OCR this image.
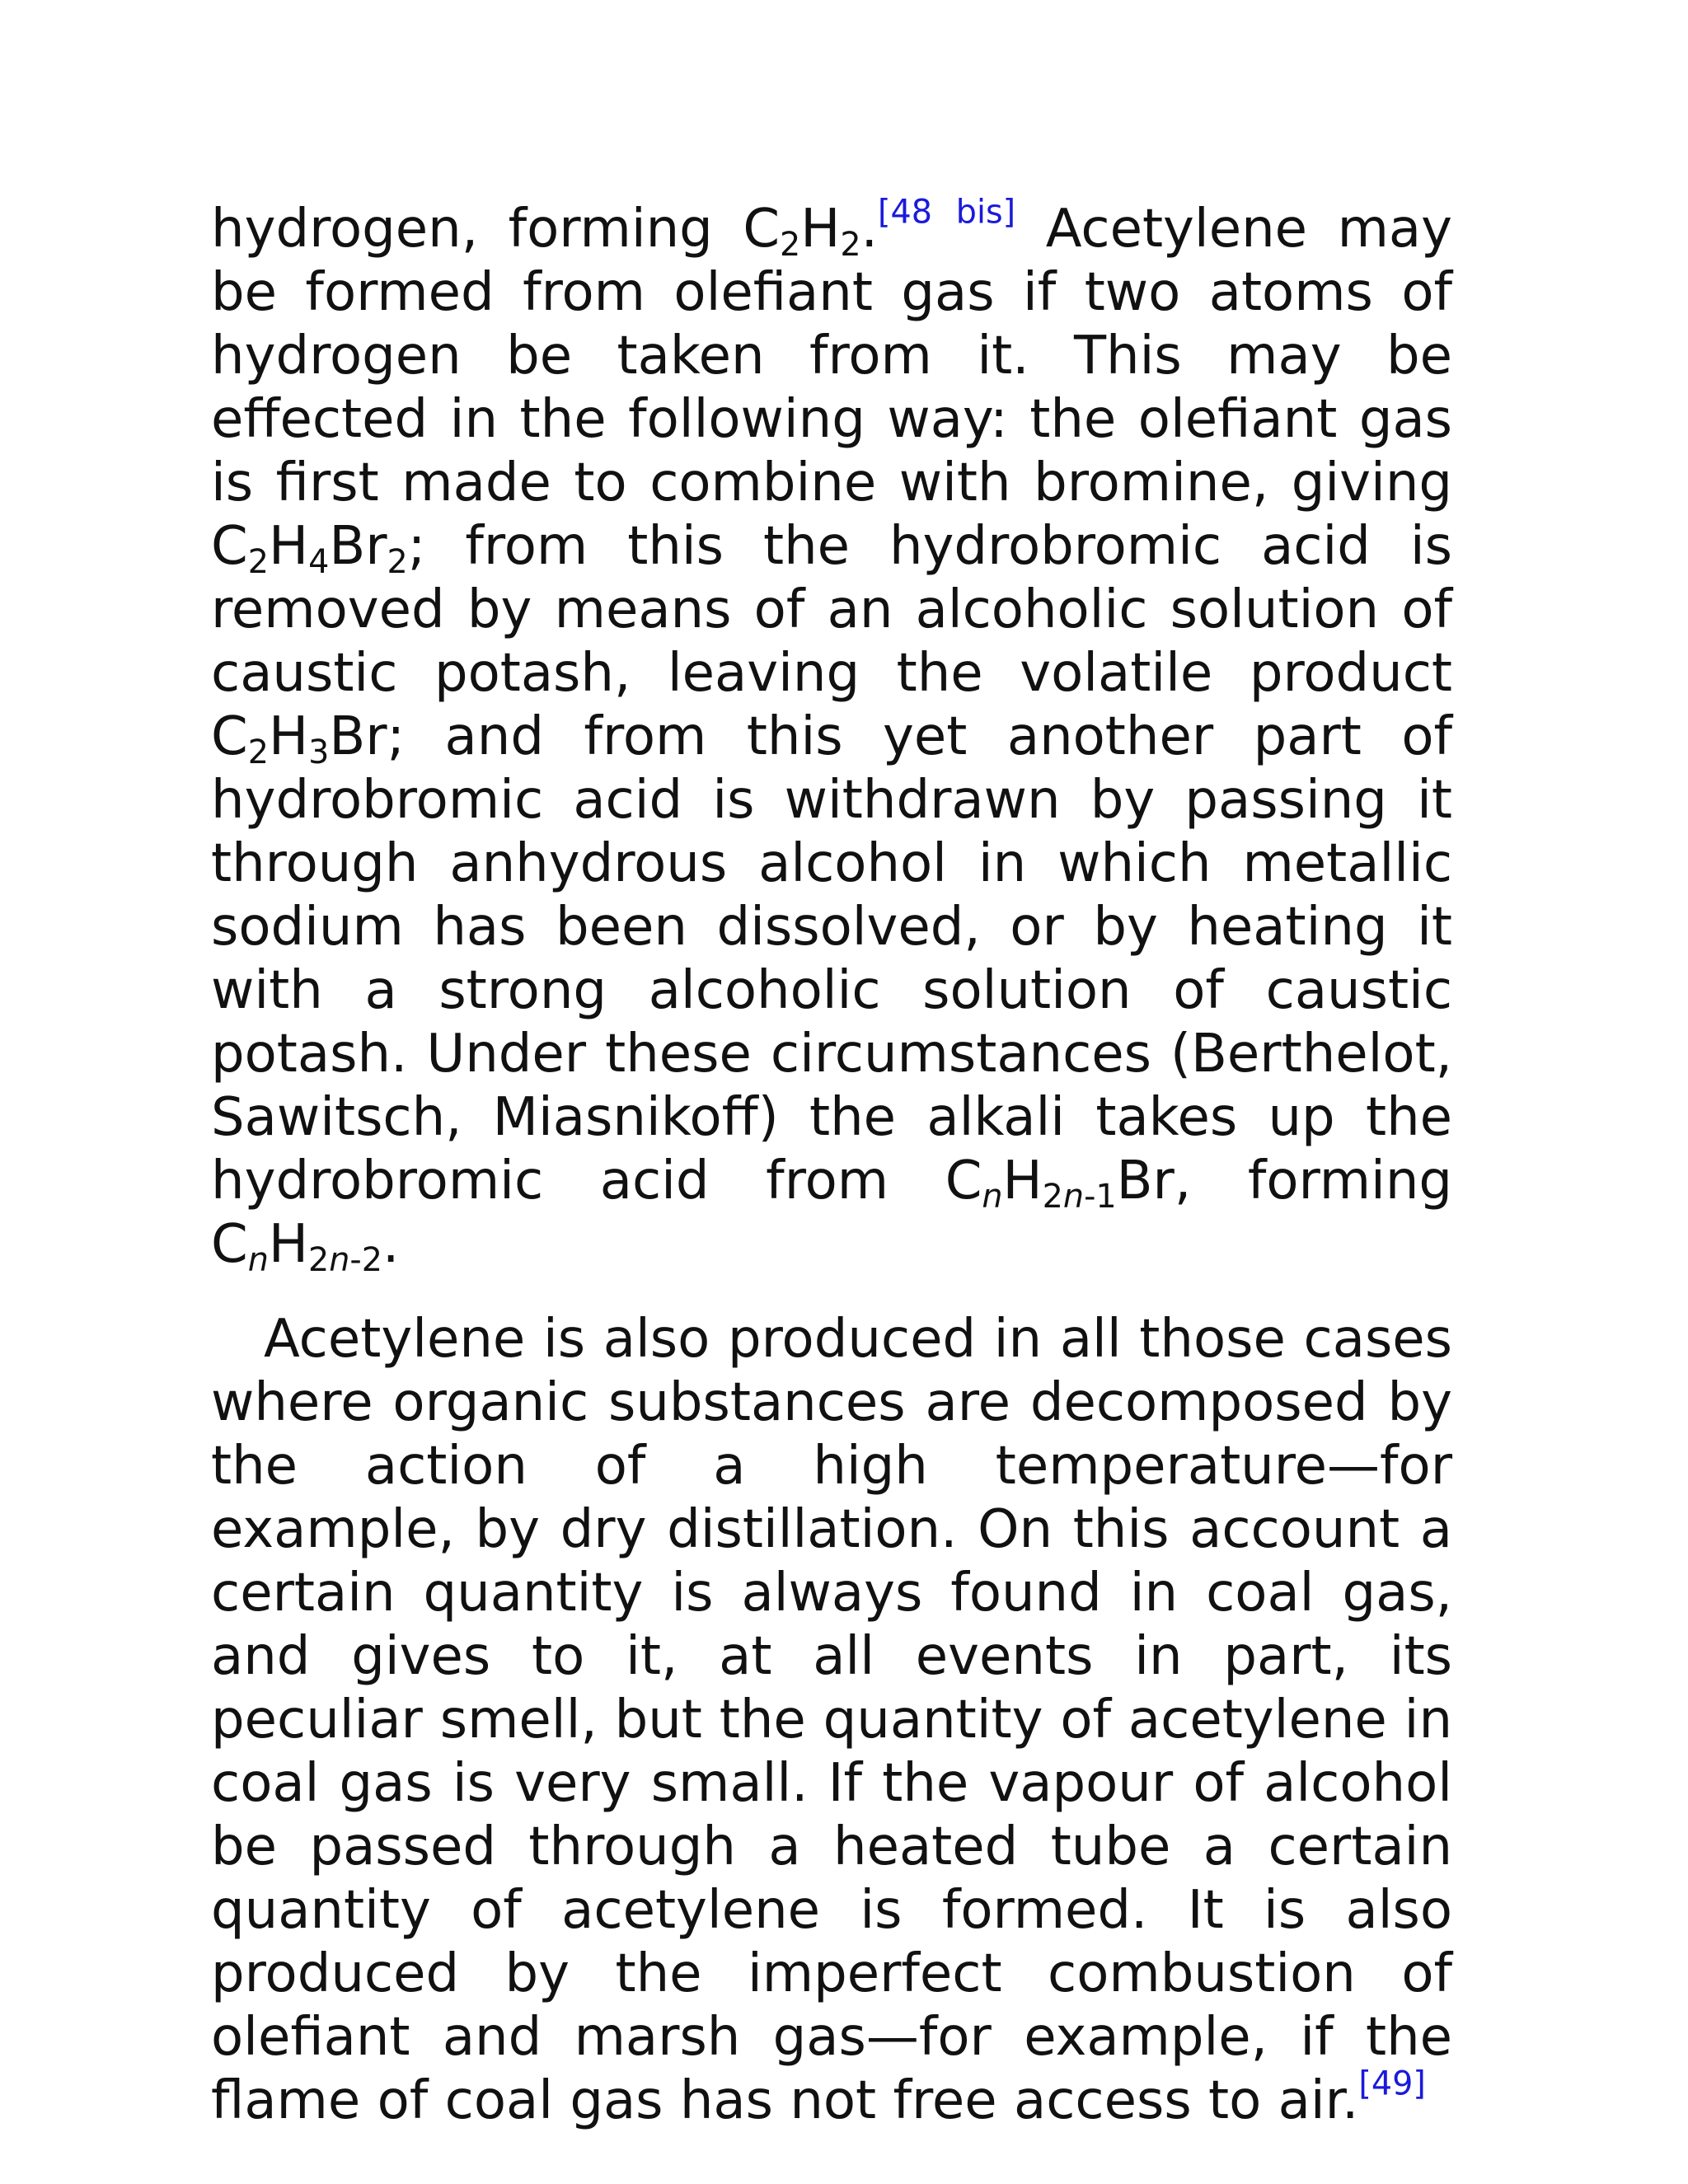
hydrogen, forming $C_2H_2.[48 bis]$ Acetylene may be formed from olefiant gas if two atoms of hydrogen be taken from it. This may be effected in the following way: the olefiant gas is first made to combine with bromine, giving $C_2H_4Br_2$; from this the hydrobromic acid is removed by means of an alcoholic solution of caustic potash, leaving the volatile product $C_2H_3Br$; and from this yet another part of hydrobromic acid is withdrawn by passing it through anhydrous alcohol in which metallic sodium has been dissolved, or by heating it with a strong alcoholic solution of caustic potash. Under these circumstances (Berthelot, Sawitsch, Miasnikoff) the alkali takes up the hydrobromic acid from $C_nH_{2n-1}Br$, forming $C_nH_{2n-2}$.

Acetylene is also produced in all those cases where organic substances are decomposed by the action of a high temperature—for example, by dry distillation. On this account a certain quantity is always found in coal gas, and gives to it, at all events in part, its peculiar smell, but the quantity of acetylene in coal gas is very small. If the vapour of alcohol be passed through a heated tube a certain quantity of acetylene is formed. It is also produced by the imperfect combustion of olefiant and marsh gas—for example, if the flame of coal gas has not free access to air.[49]
